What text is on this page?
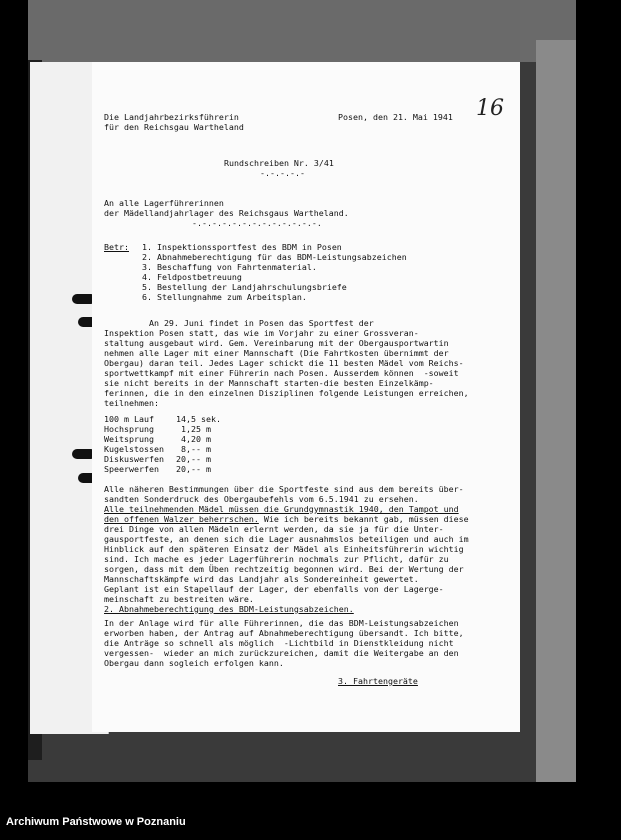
Die Landjahrbezirksführerin
für den Reichsgau Wartheland
Posen, den 21. Mai 1941
Rundschreiben Nr. 3/41
-.-.-.-.-
An alle Lagerführerinnen
der Mädellandjahrlager des Reichsgaus Wartheland.
-.-.-.-.-.-.-.-.-.-.-.-.-.
Betr: 1. Inspektionssportfest des BDM in Posen
2. Abnahmeberechtigung für das BDM-Leistungsabzeichen
3. Beschaffung von Fahrtenmaterial.
4. Feldpostbetreuung
5. Bestellung der Landjahrschulungsbriefe
6. Stellungnahme zum Arbeitsplan.
An 29. Juni findet in Posen das Sportfest der
Inspektion Posen statt, das wie im Vorjahr zu einer Grossveran-
staltung ausgebaut wird. Gem. Vereinbarung mit der Obergausportwartin
nehmen alle Lager mit einer Mannschaft (Die Fahrtkosten übernimmt der
Obergau) daran teil. Jedes Lager schickt die 11 besten Mädel vom Reichs-
sportwettkampf mit einer Führerin nach Posen. Ausserdem können  -soweit
sie nicht bereits in der Mannschaft starten-die besten Einzelkämp-
ferinnen, die in den einzelnen Disziplinen folgende Leistungen erreichen,
teilnehmen:
100 m Lauf	14,5 sek.
Hochsprung	1,25 m
Weitsprung	4,20 m
Kugelstossen 8,-- m
Diskuswerfen 20,-- m
Speerwerfen 20,-- m
Alle näheren Bestimmungen über die Sportfeste sind aus dem bereits über-
sandten Sonderdruck des Obergaubefehls vom 6.5.1941 zu ersehen.
Alle teilnehmenden Mädel müssen die Grundgymnastik 1940, den Tampot und
den offenen Walzer beherrschen. Wie ich bereits bekannt gab, müssen diese
drei Dinge von allen Mädeln erlernt werden, da sie ja für die Unter-
gausportfeste, an denen sich die Lager ausnahmslos beteiligen und auch im
Hinblick auf den späteren Einsatz der Mädel als Einheitsführerin wichtig
sind. Ich mache es jeder Lagerführerin nochmals zur Pflicht, dafür zu
sorgen, dass mit dem Üben rechtzeitig begonnen wird. Bei der Wertung der
Mannschaftskämpfe wird das Landjahr als Sondereinheit gewertet.
Geplant ist ein Stapellauf der Lager, der ebenfalls von der Lagerge-
meinschaft zu bestreiten wäre.
2. Abnahmeberechtigung des BDM-Leistungsabzeichen.
In der Anlage wird für alle Führerinnen, die das BDM-Leistungsabzeichen
erworben haben, der Antrag auf Abnahmeberechtigung übersandt. Ich bitte,
die Anträge so schnell als möglich  -Lichtbild in Dienstkleidung nicht
vergessen-  wieder an mich zurückzureichen, damit die Weitergabe an den
Obergau dann sogleich erfolgen kann.
3. Fahrtengeräte
16
Archiwum Państwowe w Poznaniu
